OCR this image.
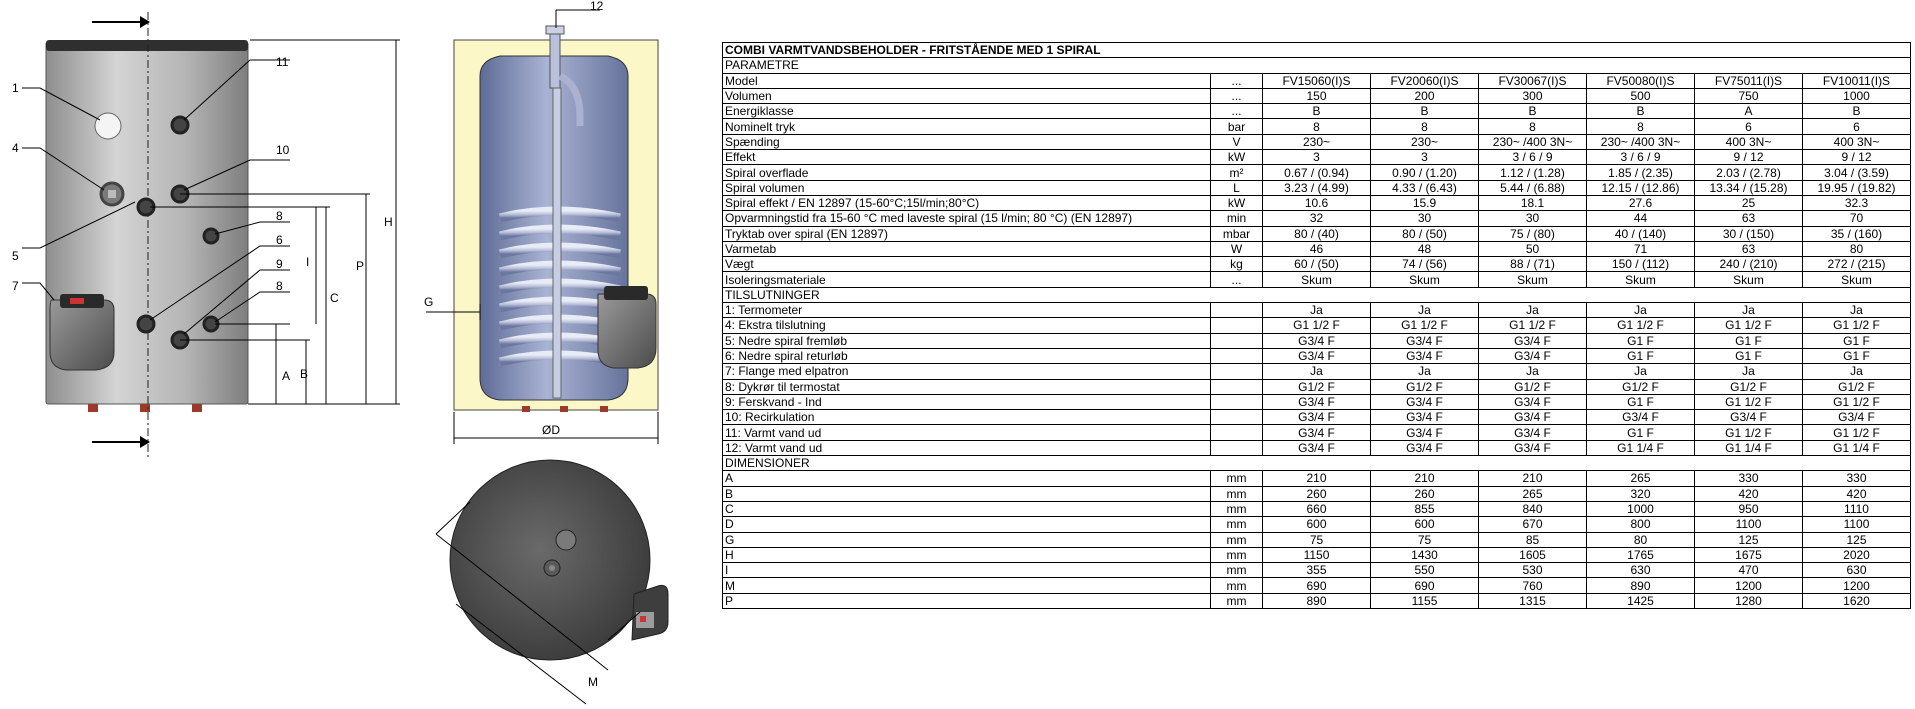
1
4
5
7
11
10
8
6
9
8
A B
C
I	P
H
12
G
ØD
M
COMBI VARMTVANDSBEHOLDER - FRITSTÅENDE MED 1 SPIRAL							
PARAMETRE							
Model	...	FV15060(I)S	FV20060(I)S	FV30067(I)S	FV50080(I)S	FV75011(I)S	FV10011(I)S
Volumen	...	150	200	300	500	750	1000
Energiklasse	...	B	B	B	B	A	B
Nominelt tryk	bar	8	8	8	8	6	6
Spænding	V	230~	230~	230~ /400 3N~	230~ /400 3N~	400 3N~	400 3N~
Effekt	kW	3	3	3 / 6 / 9	3 / 6 / 9	9 / 12	9 / 12
Spiral overflade	m²	0.67 / (0.94)	0.90 / (1.20)	1.12 / (1.28)	1.85 / (2.35)	2.03 / (2.78)	3.04 / (3.59)
Spiral volumen	L	3.23 / (4.99)	4.33 / (6.43)	5.44 / (6.88)	12.15 / (12.86)	13.34 / (15.28)	19.95 / (19.82)
Spiral effekt / EN 12897 (15-60°C;15l/min;80°C)	kW	10.6	15.9	18.1	27.6	25	32.3
Opvarmningstid fra 15-60 °C med laveste spiral (15 l/min; 80 °C) (EN 12897)	min	32	30	30	44	63	70
Tryktab over spiral (EN 12897)	mbar	80 / (40)	80 / (50)	75 / (80)	40 / (140)	30 / (150)	35 / (160)
Varmetab	W	46	48	50	71	63	80
Vægt	kg	60 / (50)	74 / (56)	88 / (71)	150 / (112)	240 / (210)	272 / (215)
Isoleringsmateriale	...	Skum	Skum	Skum	Skum	Skum	Skum
TILSLUTNINGER							
1: Termometer		Ja	Ja	Ja	Ja	Ja	Ja
4: Ekstra tilslutning		G1 1/2 F	G1 1/2 F	G1 1/2 F	G1 1/2 F	G1 1/2 F	G1 1/2 F
5: Nedre spiral fremløb		G3/4 F	G3/4 F	G3/4 F	G1 F	G1 F	G1 F
6: Nedre spiral returløb		G3/4 F	G3/4 F	G3/4 F	G1 F	G1 F	G1 F
7: Flange med elpatron		Ja	Ja	Ja	Ja	Ja	Ja
8: Dykrør til termostat		G1/2 F	G1/2 F	G1/2 F	G1/2 F	G1/2 F	G1/2 F
9: Ferskvand - Ind		G3/4 F	G3/4 F	G3/4 F	G1 F	G1 1/2 F	G1 1/2 F
10: Recirkulation		G3/4 F	G3/4 F	G3/4 F	G3/4 F	G3/4 F	G3/4 F
11: Varmt vand ud		G3/4 F	G3/4 F	G3/4 F	G1 F	G1 1/2 F	G1 1/2 F
12: Varmt vand ud		G3/4 F	G3/4 F	G3/4 F	G1 1/4 F	G1 1/4 F	G1 1/4 F
DIMENSIONER							
A	mm	210	210	210	265	330	330
B	mm	260	260	265	320	420	420
C	mm	660	855	840	1000	950	1110
D	mm	600	600	670	800	1100	1100
G	mm	75	75	85	80	125	125
H	mm	1150	1430	1605	1765	1675	2020
I	mm	355	550	530	630	470	630
M	mm	690	690	760	890	1200	1200
P	mm	890	1155	1315	1425	1280	1620
